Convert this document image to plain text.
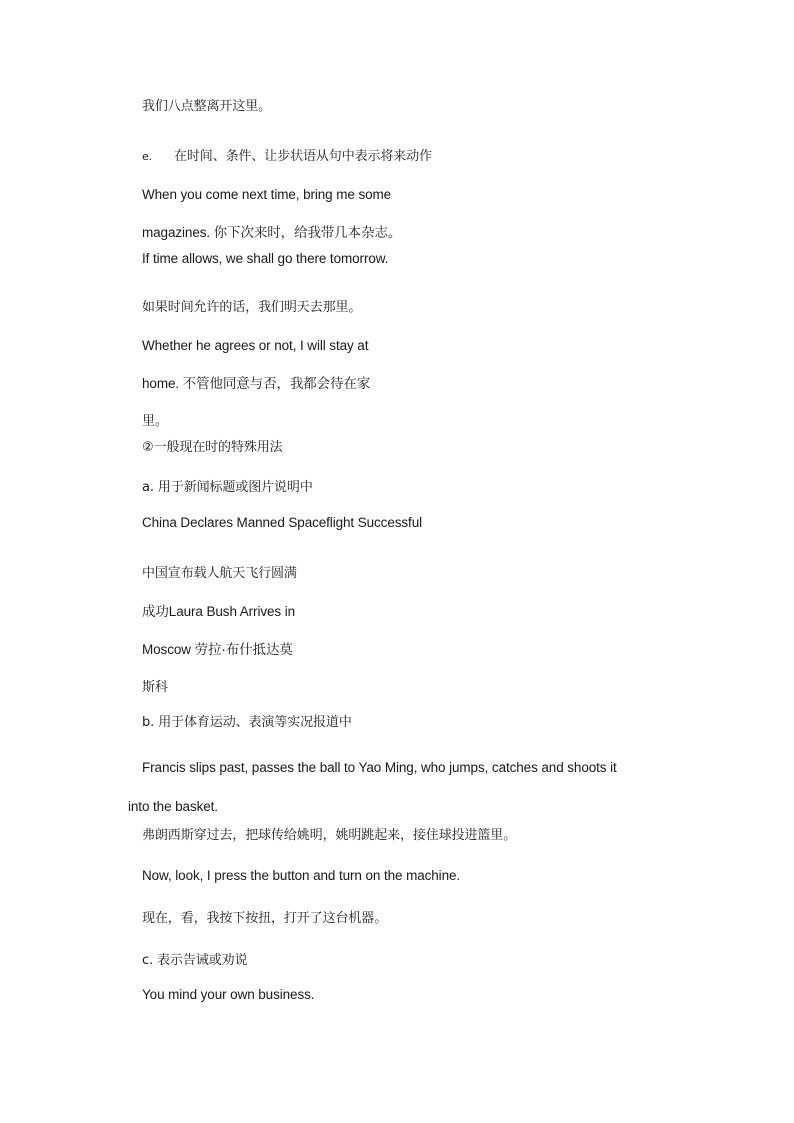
我们八点整离开这里。
e. 在时间、条件、让步状语从句中表示将来动作
When you come next time, bring me some
magazines. 你下次来时，给我带几本杂志。
If time allows, we shall go there tomorrow.
如果时间允许的话，我们明天去那里。
Whether he agrees or not, I will stay at
home. 不管他同意与否，我都会待在家
里。
②一般现在时的特殊用法
a. 用于新闻标题或图片说明中
China Declares Manned Spaceflight Successful
中国宣布载人航天飞行圆满
成功Laura Bush Arrives in
Moscow 劳拉·布什抵达莫
斯科
b. 用于体育运动、表演等实况报道中
Francis slips past, passes the ball to Yao Ming, who jumps, catches and shoots it
into the basket.
弗朗西斯穿过去，把球传给姚明，姚明跳起来，接住球投进篮里。
Now, look, I press the button and turn on the machine.
现在，看，我按下按扭，打开了这台机器。
c. 表示告诫或劝说
You mind your own business.
